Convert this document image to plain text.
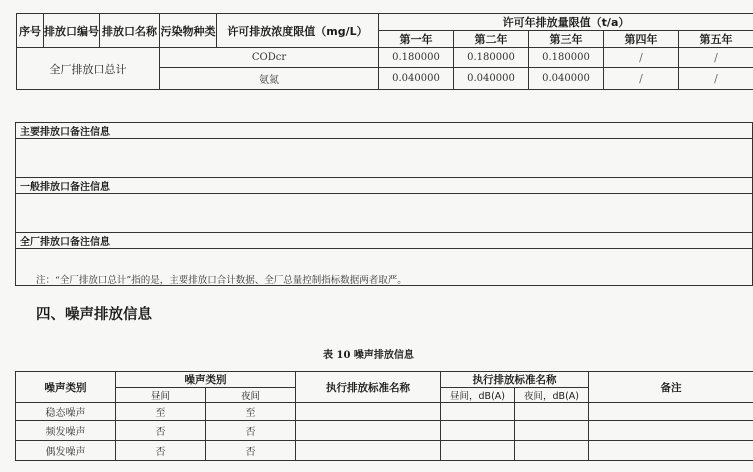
序号	排放口编号	排放口名称	污染物种类	许可排放浓度限值（mg/L）	许可年排放量限值（t/a）				
					第一年	第二年	第三年	第四年	第五年
全厂排放口总计			CODcr		0.180000	0.180000	0.180000	/	/
			氨氮		0.040000	0.040000	0.040000	/	/
主要排放口备注信息

一般排放口备注信息

全厂排放口备注信息

注：“全厂排放口总计”指的是，主要排放口合计数据、全厂总量控制指标数据两者取严。
四、噪声排放信息
表 10 噪声排放信息
噪声类别	噪声类别		执行排放标准名称	执行排放标准名称		备注
	昼间	夜间		昼间，dB(A)	夜间，dB(A)	
稳态噪声	至	至				
频发噪声	否	否				
偶发噪声	否	否				
